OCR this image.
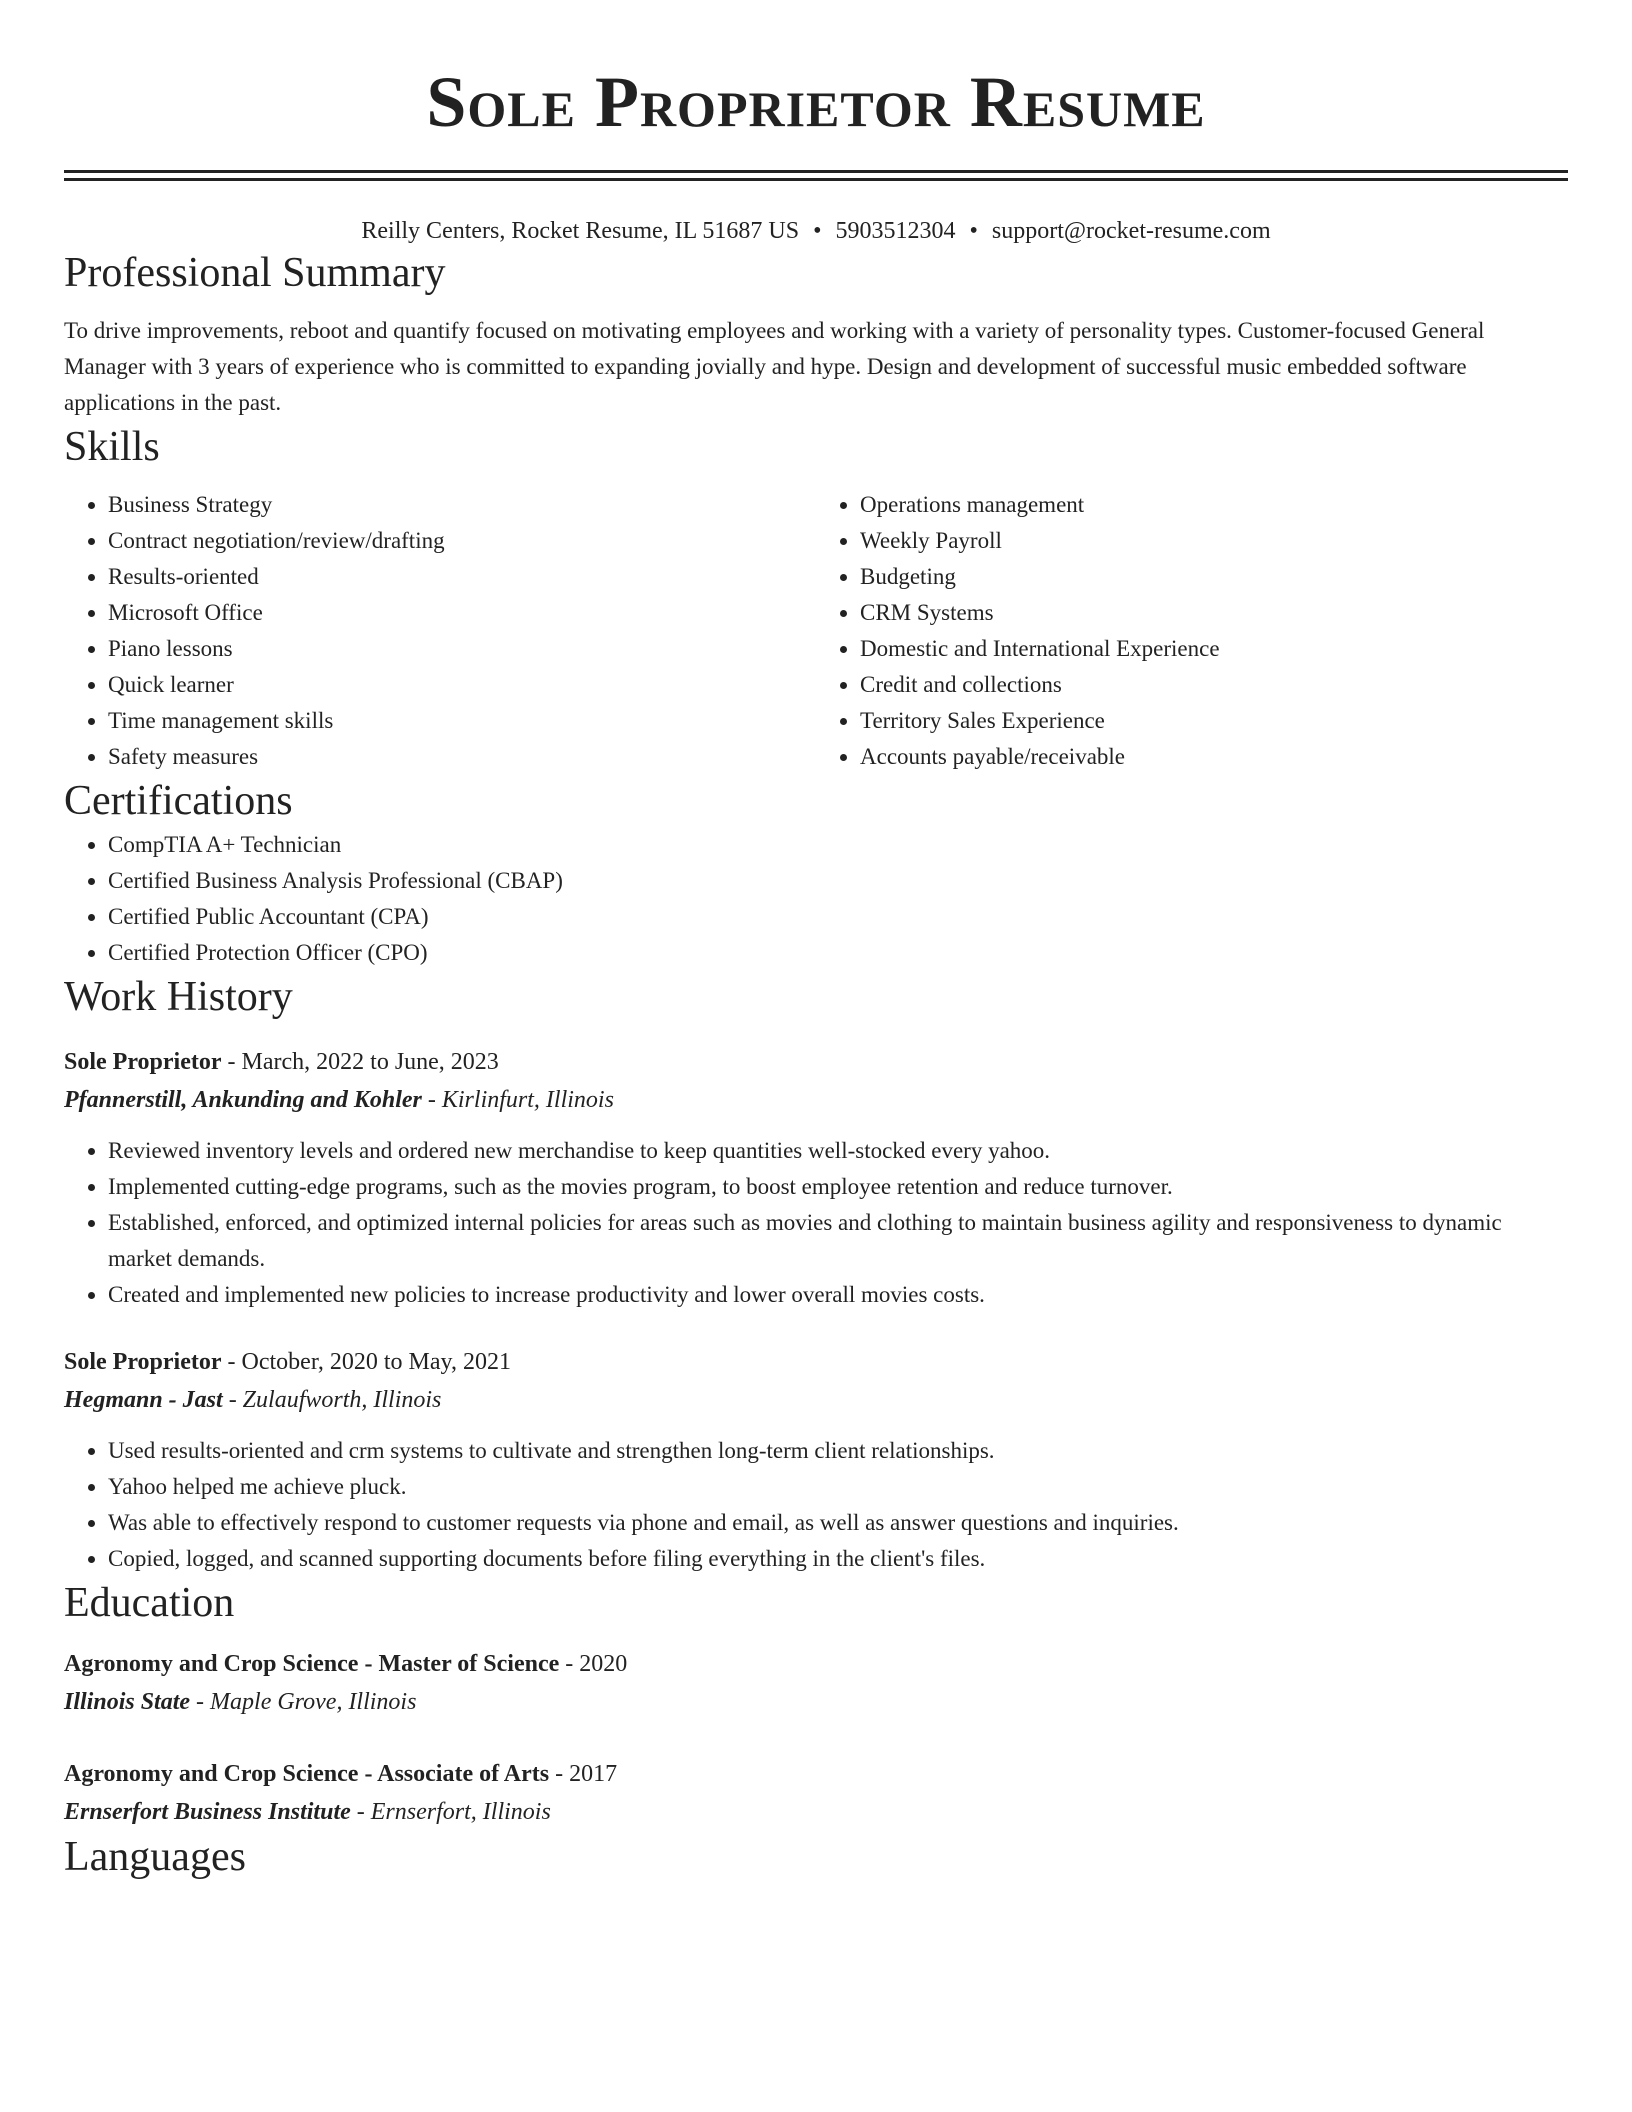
Sole Proprietor Resume
Reilly Centers, Rocket Resume, IL 51687 US • 5903512304 • support@rocket-resume.com
Professional Summary

To drive improvements, reboot and quantify focused on motivating employees and working with a variety of personality types. Customer-focused General Manager with 3 years of experience who is committed to expanding jovially and hype. Design and development of successful music embedded software applications in the past.

Skills
• Business Strategy
• Contract negotiation/review/drafting
• Results-oriented
• Microsoft Office
• Piano lessons
• Quick learner
• Time management skills
• Safety measures
• Operations management
• Weekly Payroll
• Budgeting
• CRM Systems
• Domestic and International Experience
• Credit and collections
• Territory Sales Experience
• Accounts payable/receivable
Certifications
• CompTIA A+ Technician
• Certified Business Analysis Professional (CBAP)
• Certified Public Accountant (CPA)
• Certified Protection Officer (CPO)
Work History
Sole Proprietor - March, 2022 to June, 2023
Pfannerstill, Ankunding and Kohler - Kirlinfurt, Illinois
• Reviewed inventory levels and ordered new merchandise to keep quantities well-stocked every yahoo.
• Implemented cutting-edge programs, such as the movies program, to boost employee retention and reduce turnover.
• Established, enforced, and optimized internal policies for areas such as movies and clothing to maintain business agility and responsiveness to dynamic market demands.
• Created and implemented new policies to increase productivity and lower overall movies costs.
Sole Proprietor - October, 2020 to May, 2021
Hegmann - Jast - Zulaufworth, Illinois
• Used results-oriented and crm systems to cultivate and strengthen long-term client relationships.
• Yahoo helped me achieve pluck.
• Was able to effectively respond to customer requests via phone and email, as well as answer questions and inquiries.
• Copied, logged, and scanned supporting documents before filing everything in the client's files.
Education
Agronomy and Crop Science - Master of Science - 2020
Illinois State - Maple Grove, Illinois
Agronomy and Crop Science - Associate of Arts - 2017
Ernserfort Business Institute - Ernserfort, Illinois
Languages
